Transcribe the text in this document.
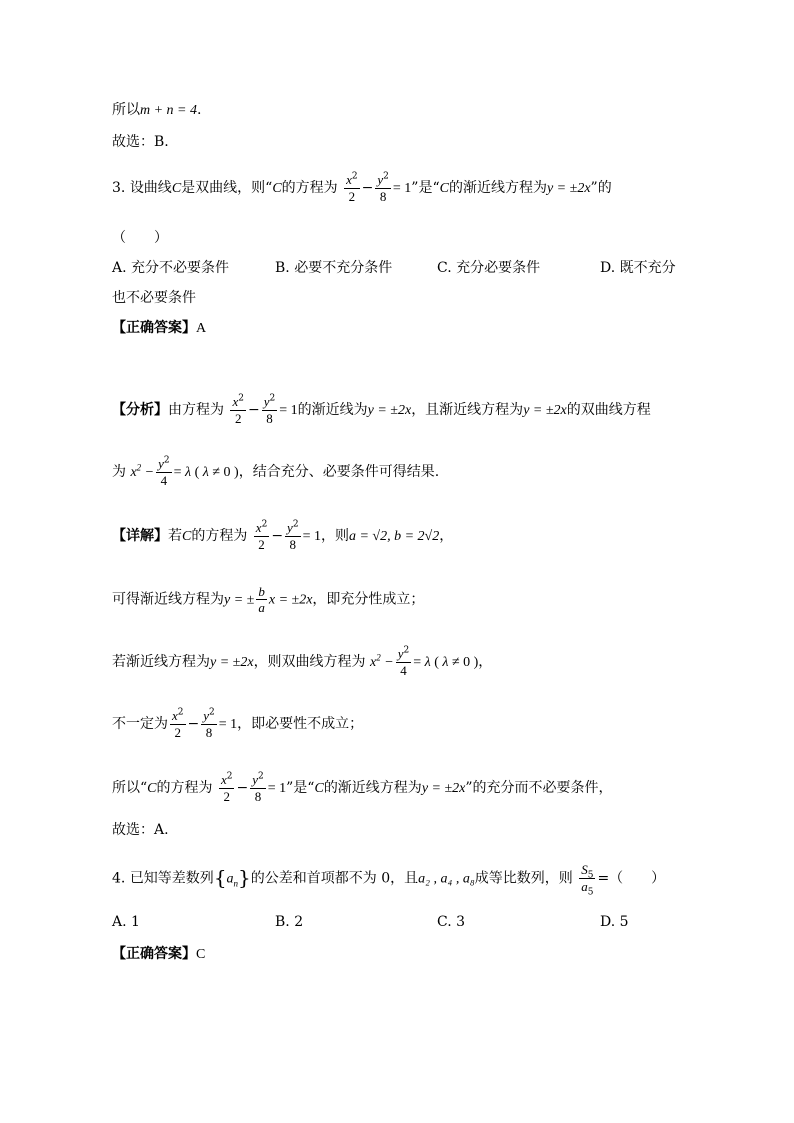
所以m + n = 4.
故选：B.
3. 设曲线C是双曲线，则“C的方程为 $\frac{x^2}{2} - \frac{y^2}{8} = 1$”是“C的渐近线方程为y = ±2x”的
（　　）
A. 充分不必要条件	B. 必要不充分条件	C. 充分必要条件	D. 既不充分
也不必要条件
【正确答案】A
【分析】由方程为 $\frac{x^2}{2} - \frac{y^2}{8} = 1$的渐近线为y = ±2x，且渐近线方程为y = ±2x的双曲线方程
为 $x^2 - \frac{y^2}{4} = \lambda$ ( λ ≠ 0 )，结合充分、必要条件可得结果.
【详解】若C的方程为 $\frac{x^2}{2} - \frac{y^2}{8} = 1$，则a = √2, b = 2√2，
可得渐近线方程为y = ± $\frac{b}{a}$ x = ±2x，即充分性成立；
若渐近线方程为y = ±2x，则双曲线方程为 $x^2 - \frac{y^2}{4} = \lambda$ ( λ ≠ 0 )，
不一定为 $\frac{x^2}{2} - \frac{y^2}{8} = 1$，即必要性不成立；
所以“C的方程为 $\frac{x^2}{2} - \frac{y^2}{8} = 1$”是“C的渐近线方程为y = ±2x”的充分而不必要条件，
故选：A.
4. 已知等差数列$\{a_n\}$的公差和首项都不为 0，且a₂ , a₄ , a₈成等比数列，则 $\frac{S_5}{a_5}$ =（　　）
A. 1	B. 2	C. 3	D. 5
【正确答案】C
